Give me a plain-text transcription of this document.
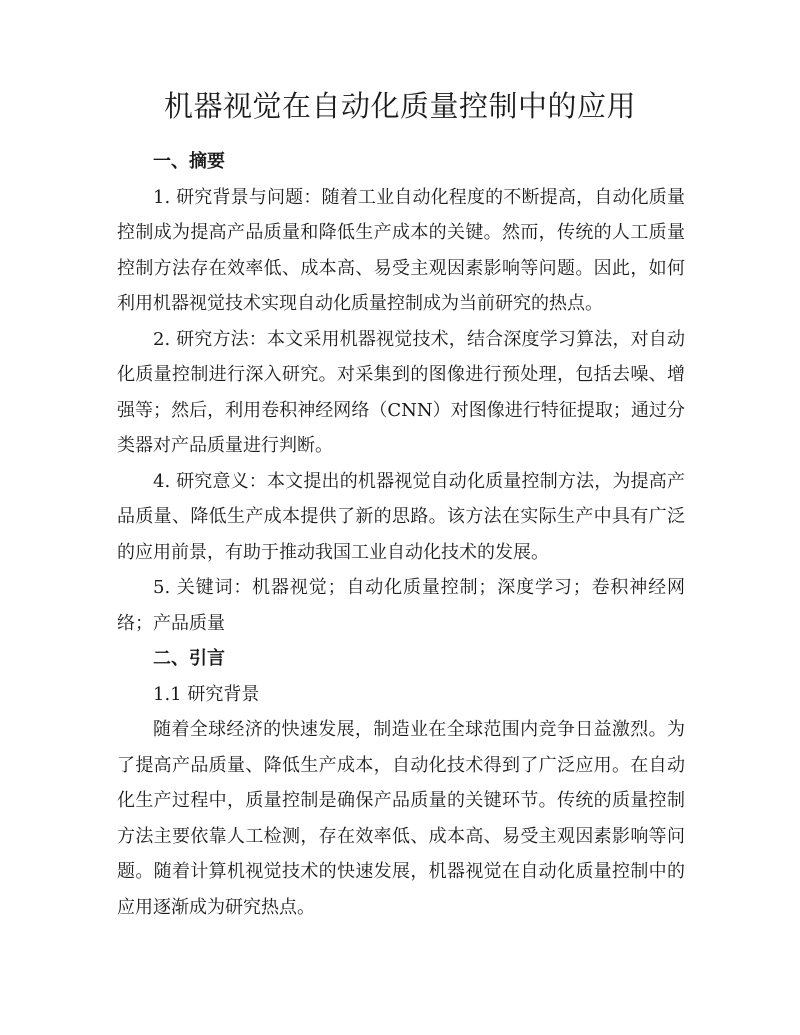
机器视觉在自动化质量控制中的应用
一、摘要

1. 研究背景与问题：随着工业自动化程度的不断提高，自动化质量控制成为提高产品质量和降低生产成本的关键。然而，传统的人工质量控制方法存在效率低、成本高、易受主观因素影响等问题。因此，如何利用机器视觉技术实现自动化质量控制成为当前研究的热点。

2. 研究方法：本文采用机器视觉技术，结合深度学习算法，对自动化质量控制进行深入研究。对采集到的图像进行预处理，包括去噪、增强等；然后，利用卷积神经网络（CNN）对图像进行特征提取；通过分类器对产品质量进行判断。

4. 研究意义：本文提出的机器视觉自动化质量控制方法，为提高产品质量、降低生产成本提供了新的思路。该方法在实际生产中具有广泛的应用前景，有助于推动我国工业自动化技术的发展。

5. 关键词：机器视觉；自动化质量控制；深度学习；卷积神经网络；产品质量

二、引言
1.1 研究背景

随着全球经济的快速发展，制造业在全球范围内竞争日益激烈。为了提高产品质量、降低生产成本，自动化技术得到了广泛应用。在自动化生产过程中，质量控制是确保产品质量的关键环节。传统的质量控制方法主要依靠人工检测，存在效率低、成本高、易受主观因素影响等问题。随着计算机视觉技术的快速发展，机器视觉在自动化质量控制中的应用逐渐成为研究热点。
